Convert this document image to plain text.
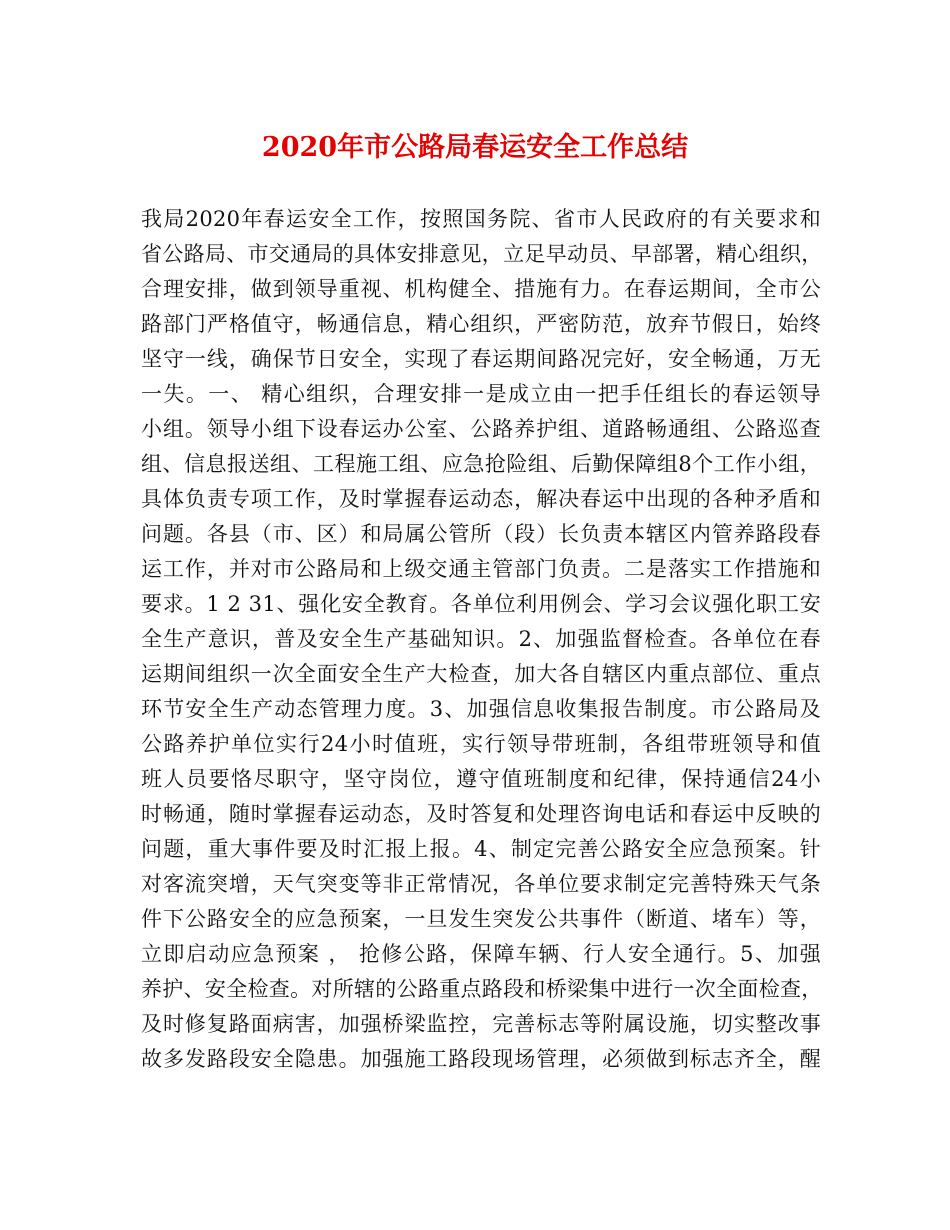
2020年市公路局春运安全工作总结
我局2020年春运安全工作，按照国务院、省市人民政府的有关要求和
省公路局、市交通局的具体安排意见，立足早动员、早部署，精心组织，
合理安排，做到领导重视、机构健全、措施有力。在春运期间，全市公
路部门严格值守，畅通信息，精心组织，严密防范，放弃节假日，始终
坚守一线，确保节日安全，实现了春运期间路况完好，安全畅通，万无
一失。一、 精心组织，合理安排一是成立由一把手任组长的春运领导
小组。领导小组下设春运办公室、公路养护组、道路畅通组、公路巡查
组、信息报送组、工程施工组、应急抢险组、后勤保障组8个工作小组，
具体负责专项工作，及时掌握春运动态，解决春运中出现的各种矛盾和
问题。各县（市、区）和局属公管所（段）长负责本辖区内管养路段春
运工作，并对市公路局和上级交通主管部门负责。二是落实工作措施和
要求。1 2 31、强化安全教育。各单位利用例会、学习会议强化职工安
全生产意识，普及安全生产基础知识。2、加强监督检查。各单位在春
运期间组织一次全面安全生产大检查，加大各自辖区内重点部位、重点
环节安全生产动态管理力度。3、加强信息收集报告制度。市公路局及
公路养护单位实行24小时值班，实行领导带班制，各组带班领导和值
班人员要恪尽职守，坚守岗位，遵守值班制度和纪律，保持通信24小
时畅通，随时掌握春运动态，及时答复和处理咨询电话和春运中反映的
问题，重大事件要及时汇报上报。4、制定完善公路安全应急预案。针
对客流突增，天气突变等非正常情况，各单位要求制定完善特殊天气条
件下公路安全的应急预案，一旦发生突发公共事件（断道、堵车）等，
立即启动应急预案 ， 抢修公路，保障车辆、行人安全通行。5、加强
养护、安全检查。对所辖的公路重点路段和桥梁集中进行一次全面检查，
及时修复路面病害，加强桥梁监控，完善标志等附属设施，切实整改事
故多发路段安全隐患。加强施工路段现场管理，必须做到标志齐全，醒
